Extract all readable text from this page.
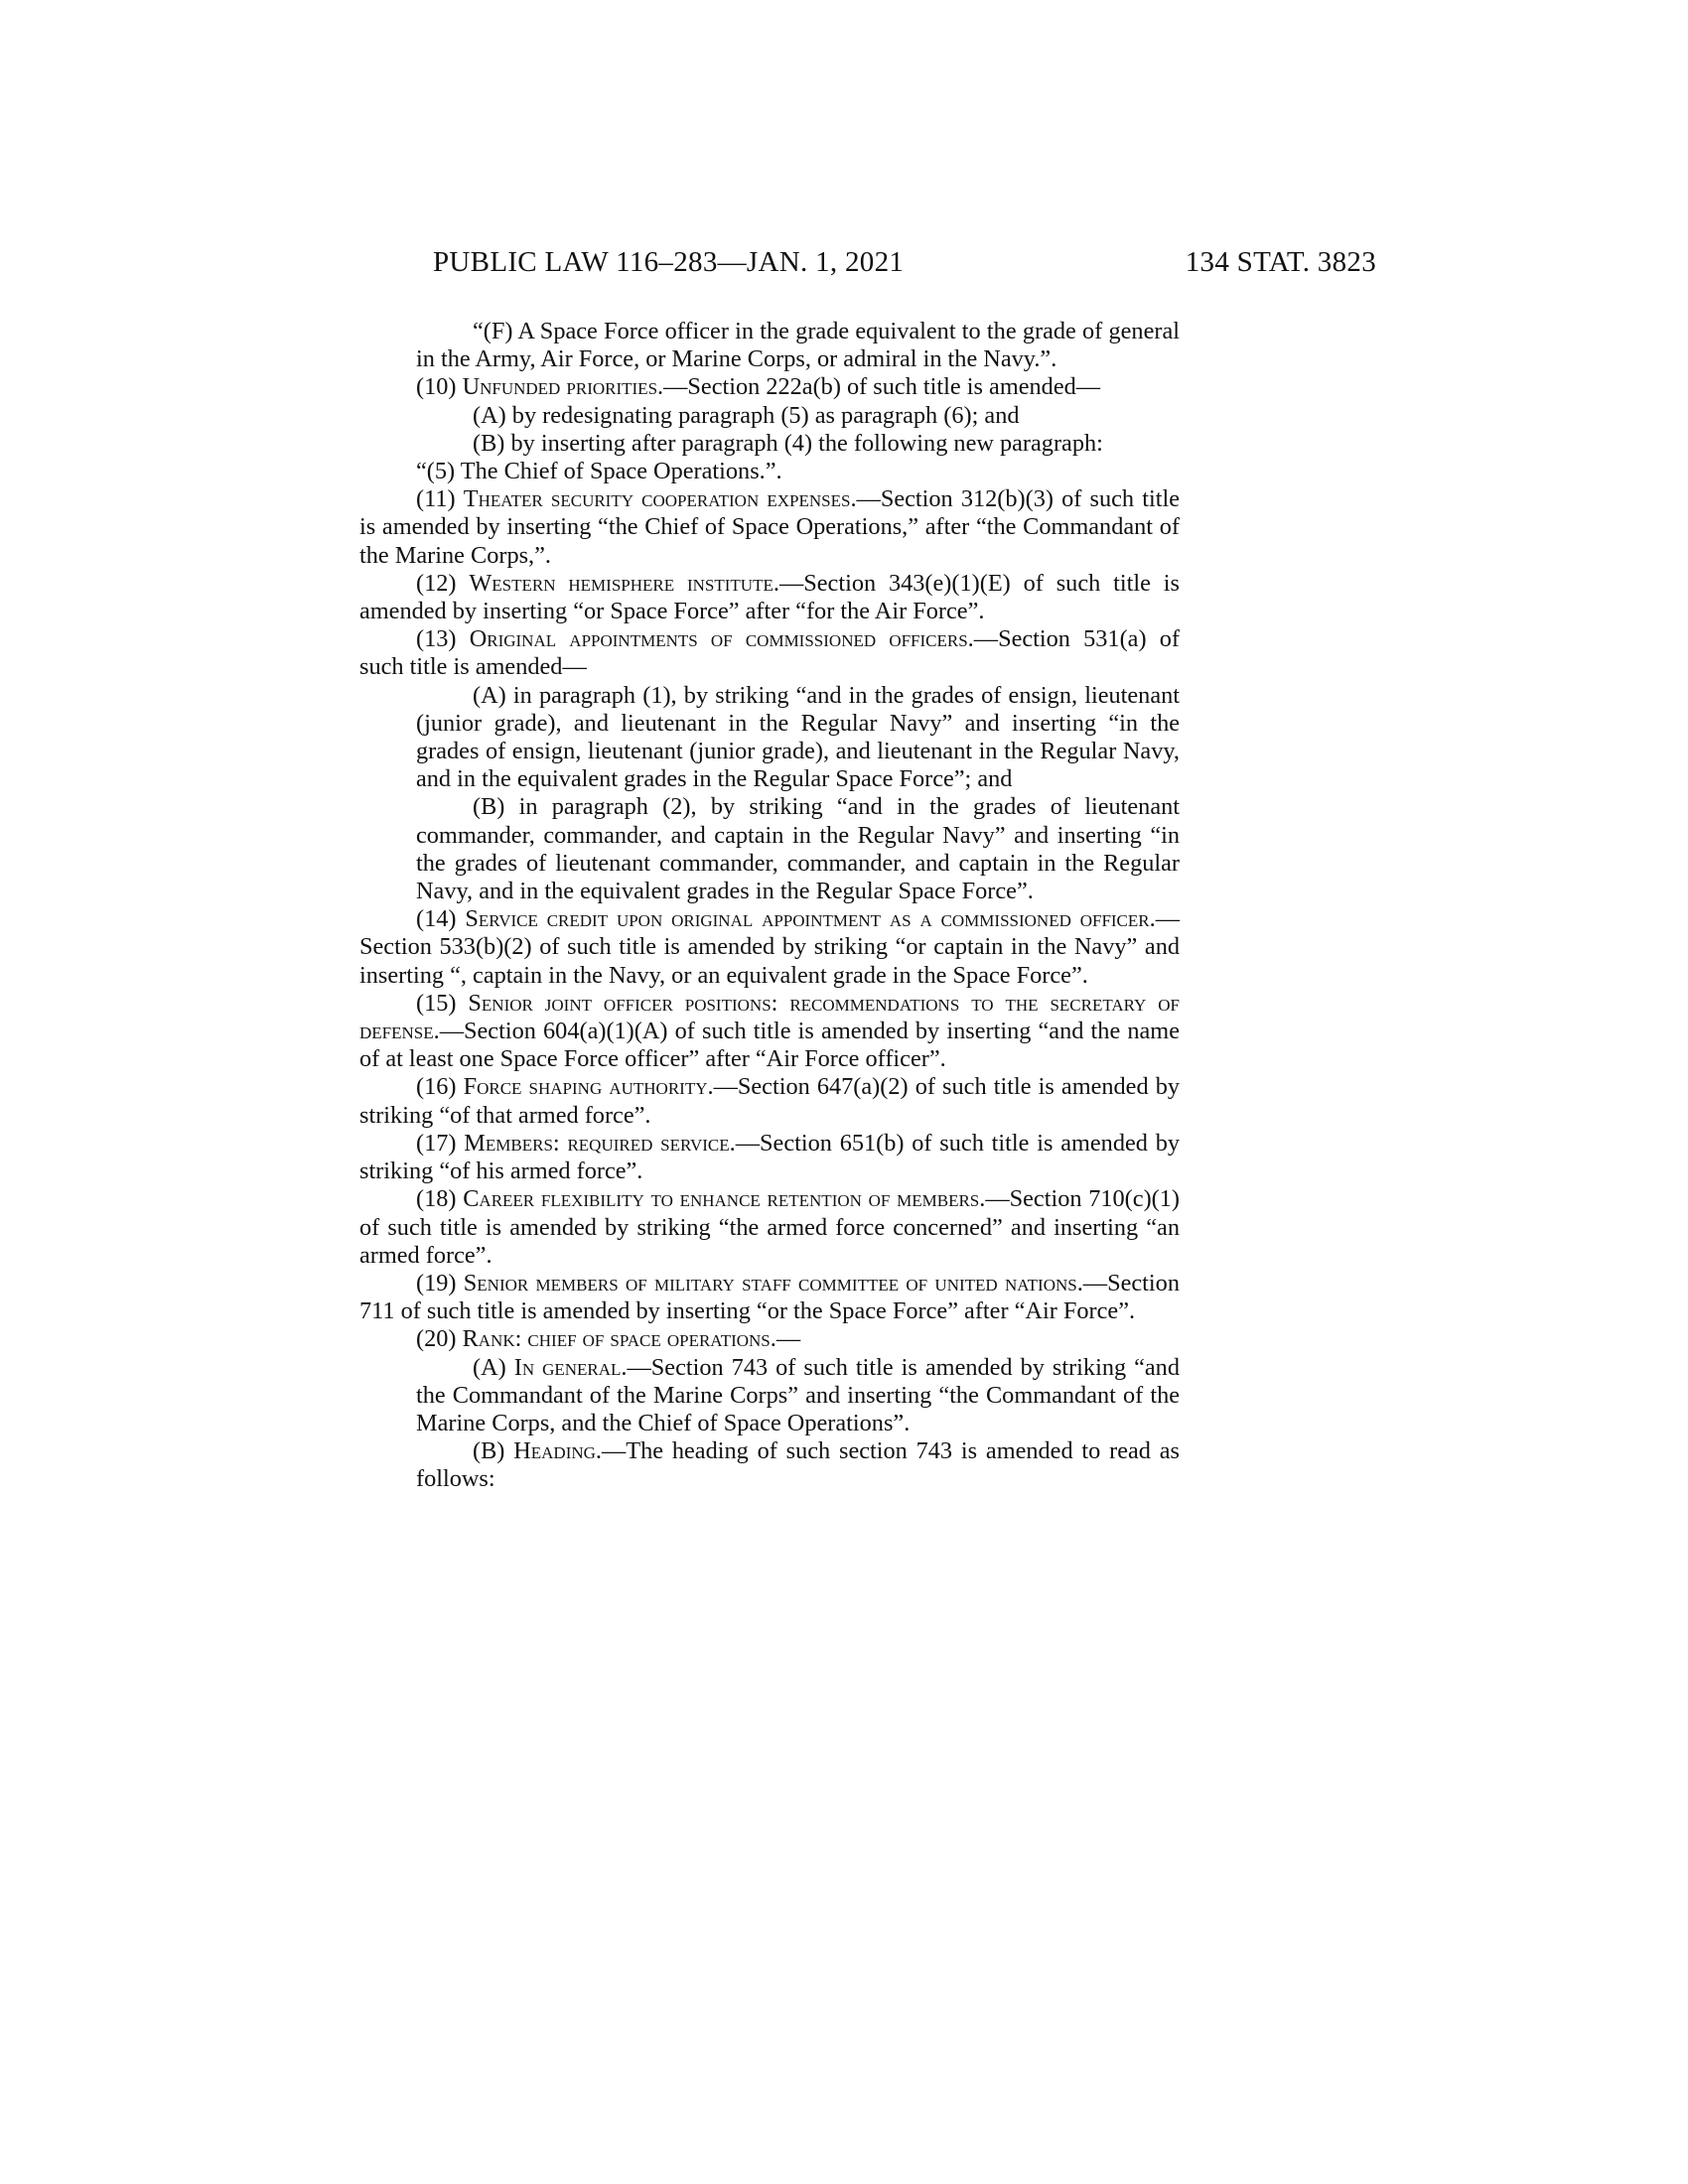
PUBLIC LAW 116–283—JAN. 1, 2021	134 STAT. 3823

“(F) A Space Force officer in the grade equivalent to the grade of general in the Army, Air Force, or Marine Corps, or admiral in the Navy.”.

(10) Unfunded priorities.—Section 222a(b) of such title is amended—

(A) by redesignating paragraph (5) as paragraph (6); and

(B) by inserting after paragraph (4) the following new paragraph:

“(5) The Chief of Space Operations.”.

(11) Theater security cooperation expenses.—Section 312(b)(3) of such title is amended by inserting “the Chief of Space Operations,” after “the Commandant of the Marine Corps,”.

(12) Western hemisphere institute.—Section 343(e)(1)(E) of such title is amended by inserting “or Space Force” after “for the Air Force”.

(13) Original appointments of commissioned officers.—Section 531(a) of such title is amended—

(A) in paragraph (1), by striking “and in the grades of ensign, lieutenant (junior grade), and lieutenant in the Regular Navy” and inserting “in the grades of ensign, lieutenant (junior grade), and lieutenant in the Regular Navy, and in the equivalent grades in the Regular Space Force”; and

(B) in paragraph (2), by striking “and in the grades of lieutenant commander, commander, and captain in the Regular Navy” and inserting “in the grades of lieutenant commander, commander, and captain in the Regular Navy, and in the equivalent grades in the Regular Space Force”.

(14) Service credit upon original appointment as a commissioned officer.—Section 533(b)(2) of such title is amended by striking “or captain in the Navy” and inserting “, captain in the Navy, or an equivalent grade in the Space Force”.

(15) Senior joint officer positions: recommendations to the secretary of defense.—Section 604(a)(1)(A) of such title is amended by inserting “and the name of at least one Space Force officer” after “Air Force officer”.

(16) Force shaping authority.—Section 647(a)(2) of such title is amended by striking “of that armed force”.

(17) Members: required service.—Section 651(b) of such title is amended by striking “of his armed force”.

(18) Career flexibility to enhance retention of members.—Section 710(c)(1) of such title is amended by striking “the armed force concerned” and inserting “an armed force”.

(19) Senior members of military staff committee of united nations.—Section 711 of such title is amended by inserting “or the Space Force” after “Air Force”.

(20) Rank: chief of space operations.—

(A) In general.—Section 743 of such title is amended by striking “and the Commandant of the Marine Corps” and inserting “the Commandant of the Marine Corps, and the Chief of Space Operations”.

(B) Heading.—The heading of such section 743 is amended to read as follows:
